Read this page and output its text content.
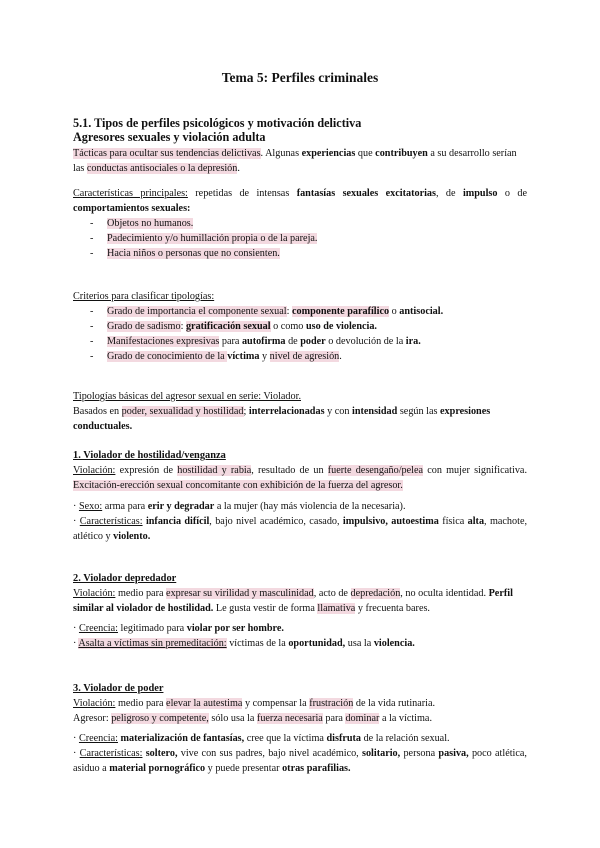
Tema 5: Perfiles criminales
5.1. Tipos de perfiles psicológicos y motivación delictiva
Agresores sexuales y violación adulta
Tácticas para ocultar sus tendencias delictivas. Algunas experiencias que contribuyen a su desarrollo serían las conductas antisociales o la depresión.
Características principales: repetidas de intensas fantasías sexuales excitatorias, de impulso o de comportamientos sexuales:
- Objetos no humanos.
- Padecimiento y/o humillación propia o de la pareja.
- Hacia niños o personas que no consienten.
Criterios para clasificar tipologías:
- Grado de importancia el componente sexual: componente parafílico o antisocial.
- Grado de sadismo: gratificación sexual o como uso de violencia.
- Manifestaciones expresivas para autofirma de poder o devolución de la ira.
- Grado de conocimiento de la víctima y nivel de agresión.
Tipologías básicas del agresor sexual en serie: Violador.
Basados en poder, sexualidad y hostilidad; interrelacionadas y con intensidad según las expresiones conductuales.
1. Violador de hostilidad/venganza
Violación: expresión de hostilidad y rabia, resultado de un fuerte desengaño/pelea con mujer significativa. Excitación-erección sexual concomitante con exhibición de la fuerza del agresor.
· Sexo: arma para erir y degradar a la mujer (hay más violencia de la necesaria).
· Características: infancia difícil, bajo nivel académico, casado, impulsivo, autoestima física alta, machote, atlético y violento.
2. Violador depredador
Violación: medio para expresar su virilidad y masculinidad, acto de depredación, no oculta identidad. Perfil similar al violador de hostilidad. Le gusta vestir de forma llamativa y frecuenta bares.
· Creencia: legitimado para violar por ser hombre.
· Asalta a víctimas sin premeditación: víctimas de la oportunidad, usa la violencia.
3. Violador de poder
Violación: medio para elevar la autestima y compensar la frustración de la vida rutinaria.
Agresor: peligroso y competente, sólo usa la fuerza necesaria para dominar a la víctima.
· Creencia: materialización de fantasías, cree que la víctima disfruta de la relación sexual.
· Características: soltero, vive con sus padres, bajo nivel académico, solitario, persona pasiva, poco atlética, asiduo a material pornográfico y puede presentar otras parafilias.
